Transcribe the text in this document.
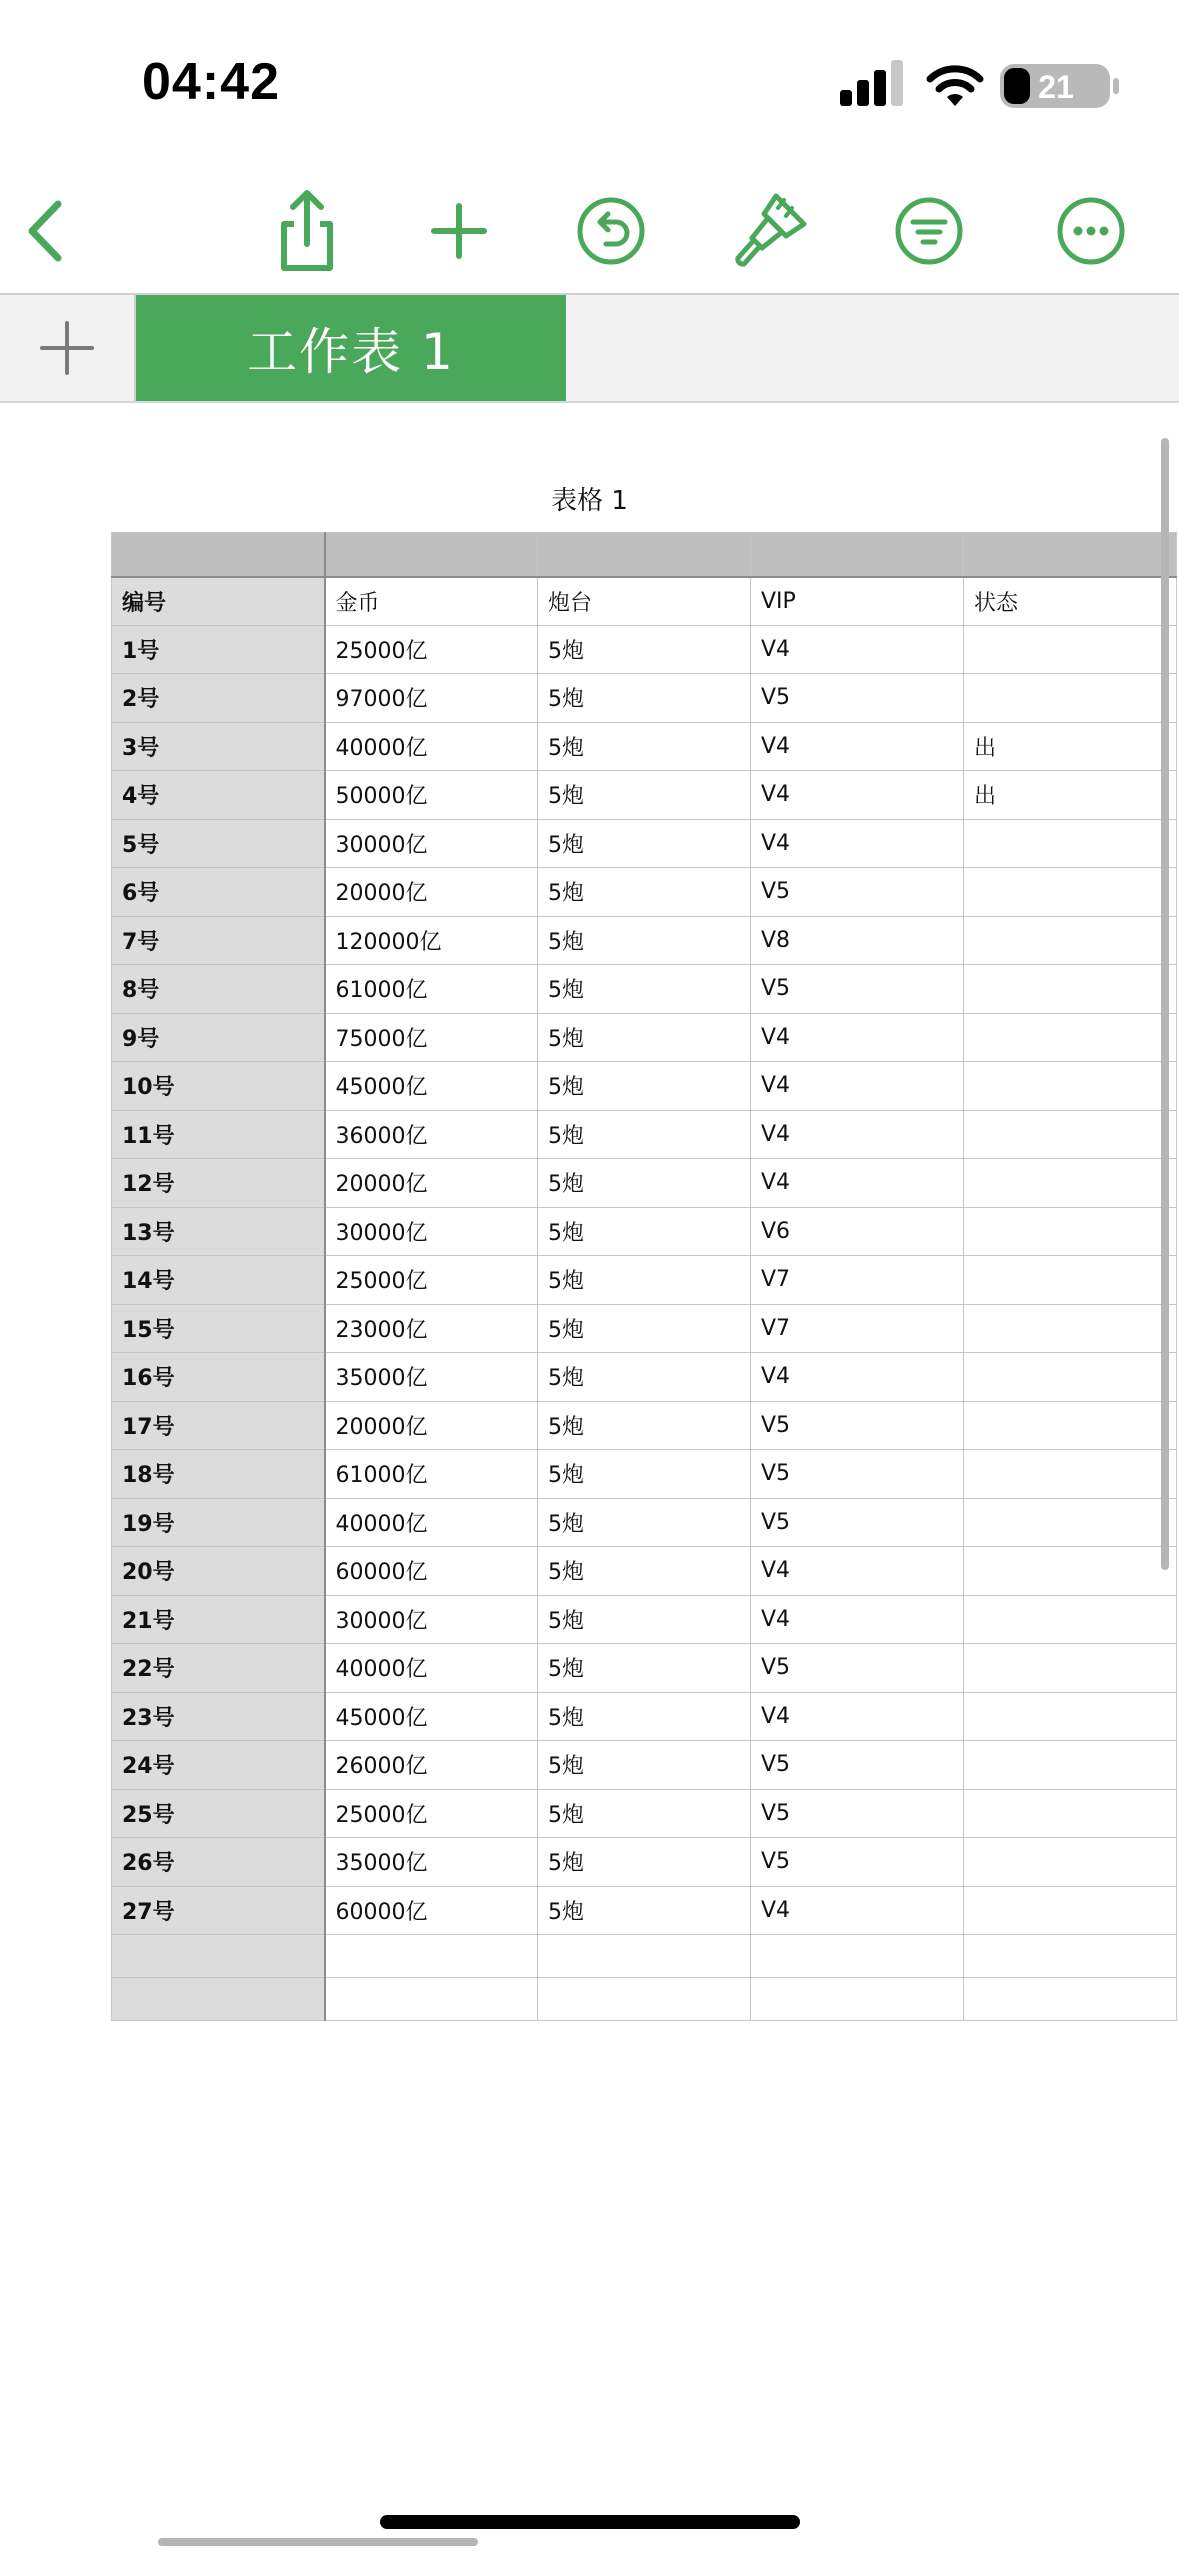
04:42	21
工作表 1
表格 1

编号	金币	炮台	VIP	状态
1号	25000亿	5炮	V4	
2号	97000亿	5炮	V5	
3号	40000亿	5炮	V4	出
4号	50000亿	5炮	V4	出
5号	30000亿	5炮	V4	
6号	20000亿	5炮	V5	
7号	120000亿	5炮	V8	
8号	61000亿	5炮	V5	
9号	75000亿	5炮	V4	
10号	45000亿	5炮	V4	
11号	36000亿	5炮	V4	
12号	20000亿	5炮	V4	
13号	30000亿	5炮	V6	
14号	25000亿	5炮	V7	
15号	23000亿	5炮	V7	
16号	35000亿	5炮	V4	
17号	20000亿	5炮	V5	
18号	61000亿	5炮	V5	
19号	40000亿	5炮	V5	
20号	60000亿	5炮	V4	
21号	30000亿	5炮	V4	
22号	40000亿	5炮	V5	
23号	45000亿	5炮	V4	
24号	26000亿	5炮	V5	
25号	25000亿	5炮	V5	
26号	35000亿	5炮	V5	
27号	60000亿	5炮	V4	
